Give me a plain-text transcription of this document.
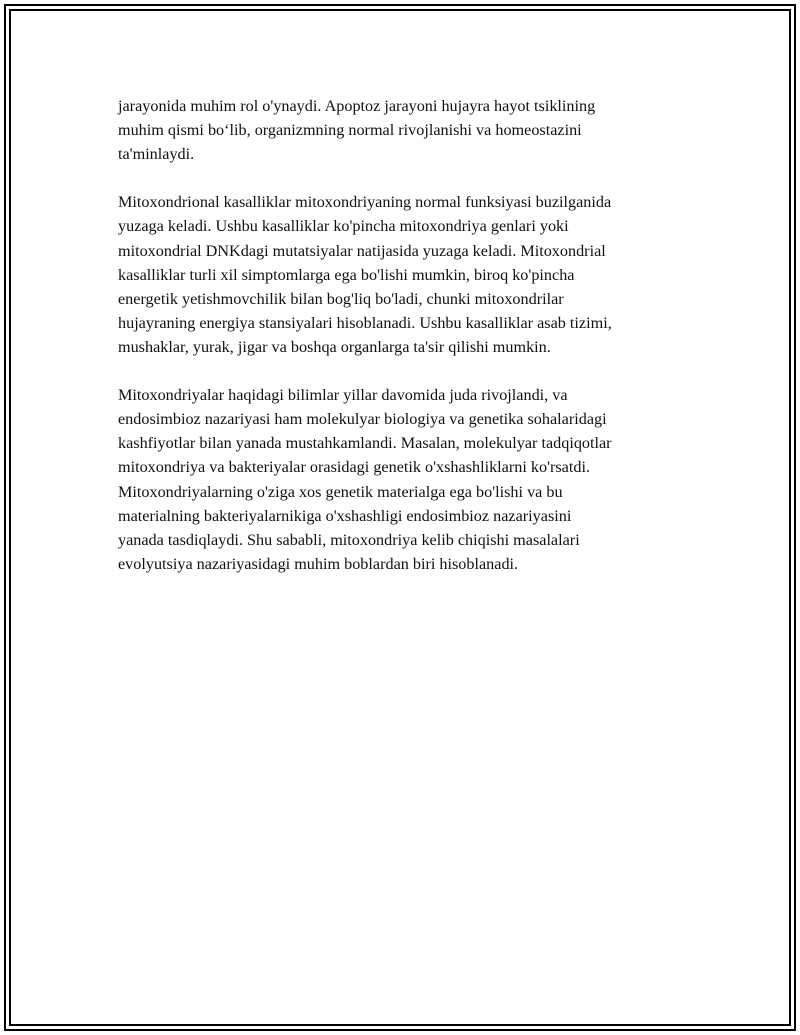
jarayonida muhim rol o'ynaydi. Apoptoz jarayoni hujayra hayot tsiklining
muhim qismi bo‘lib, organizmning normal rivojlanishi va homeostazini
ta'minlaydi.

Mitoxondrional kasalliklar mitoxondriyaning normal funksiyasi buzilganida
yuzaga keladi. Ushbu kasalliklar ko'pincha mitoxondriya genlari yoki
mitoxondrial DNKdagi mutatsiyalar natijasida yuzaga keladi. Mitoxondrial
kasalliklar turli xil simptomlarga ega bo'lishi mumkin, biroq ko'pincha
energetik yetishmovchilik bilan bog'liq bo'ladi, chunki mitoxondrilar
hujayraning energiya stansiyalari hisoblanadi. Ushbu kasalliklar asab tizimi,
mushaklar, yurak, jigar va boshqa organlarga ta'sir qilishi mumkin.

Mitoxondriyalar haqidagi bilimlar yillar davomida juda rivojlandi, va
endosimbioz nazariyasi ham molekulyar biologiya va genetika sohalaridagi
kashfiyotlar bilan yanada mustahkamlandi. Masalan, molekulyar tadqiqotlar
mitoxondriya va bakteriyalar orasidagi genetik o'xshashliklarni ko'rsatdi.
Mitoxondriyalarning o'ziga xos genetik materialga ega bo'lishi va bu
materialning bakteriyalarnikiga o'xshashligi endosimbioz nazariyasini
yanada tasdiqlaydi. Shu sababli, mitoxondriya kelib chiqishi masalalari
evolyutsiya nazariyasidagi muhim boblardan biri hisoblanadi.
